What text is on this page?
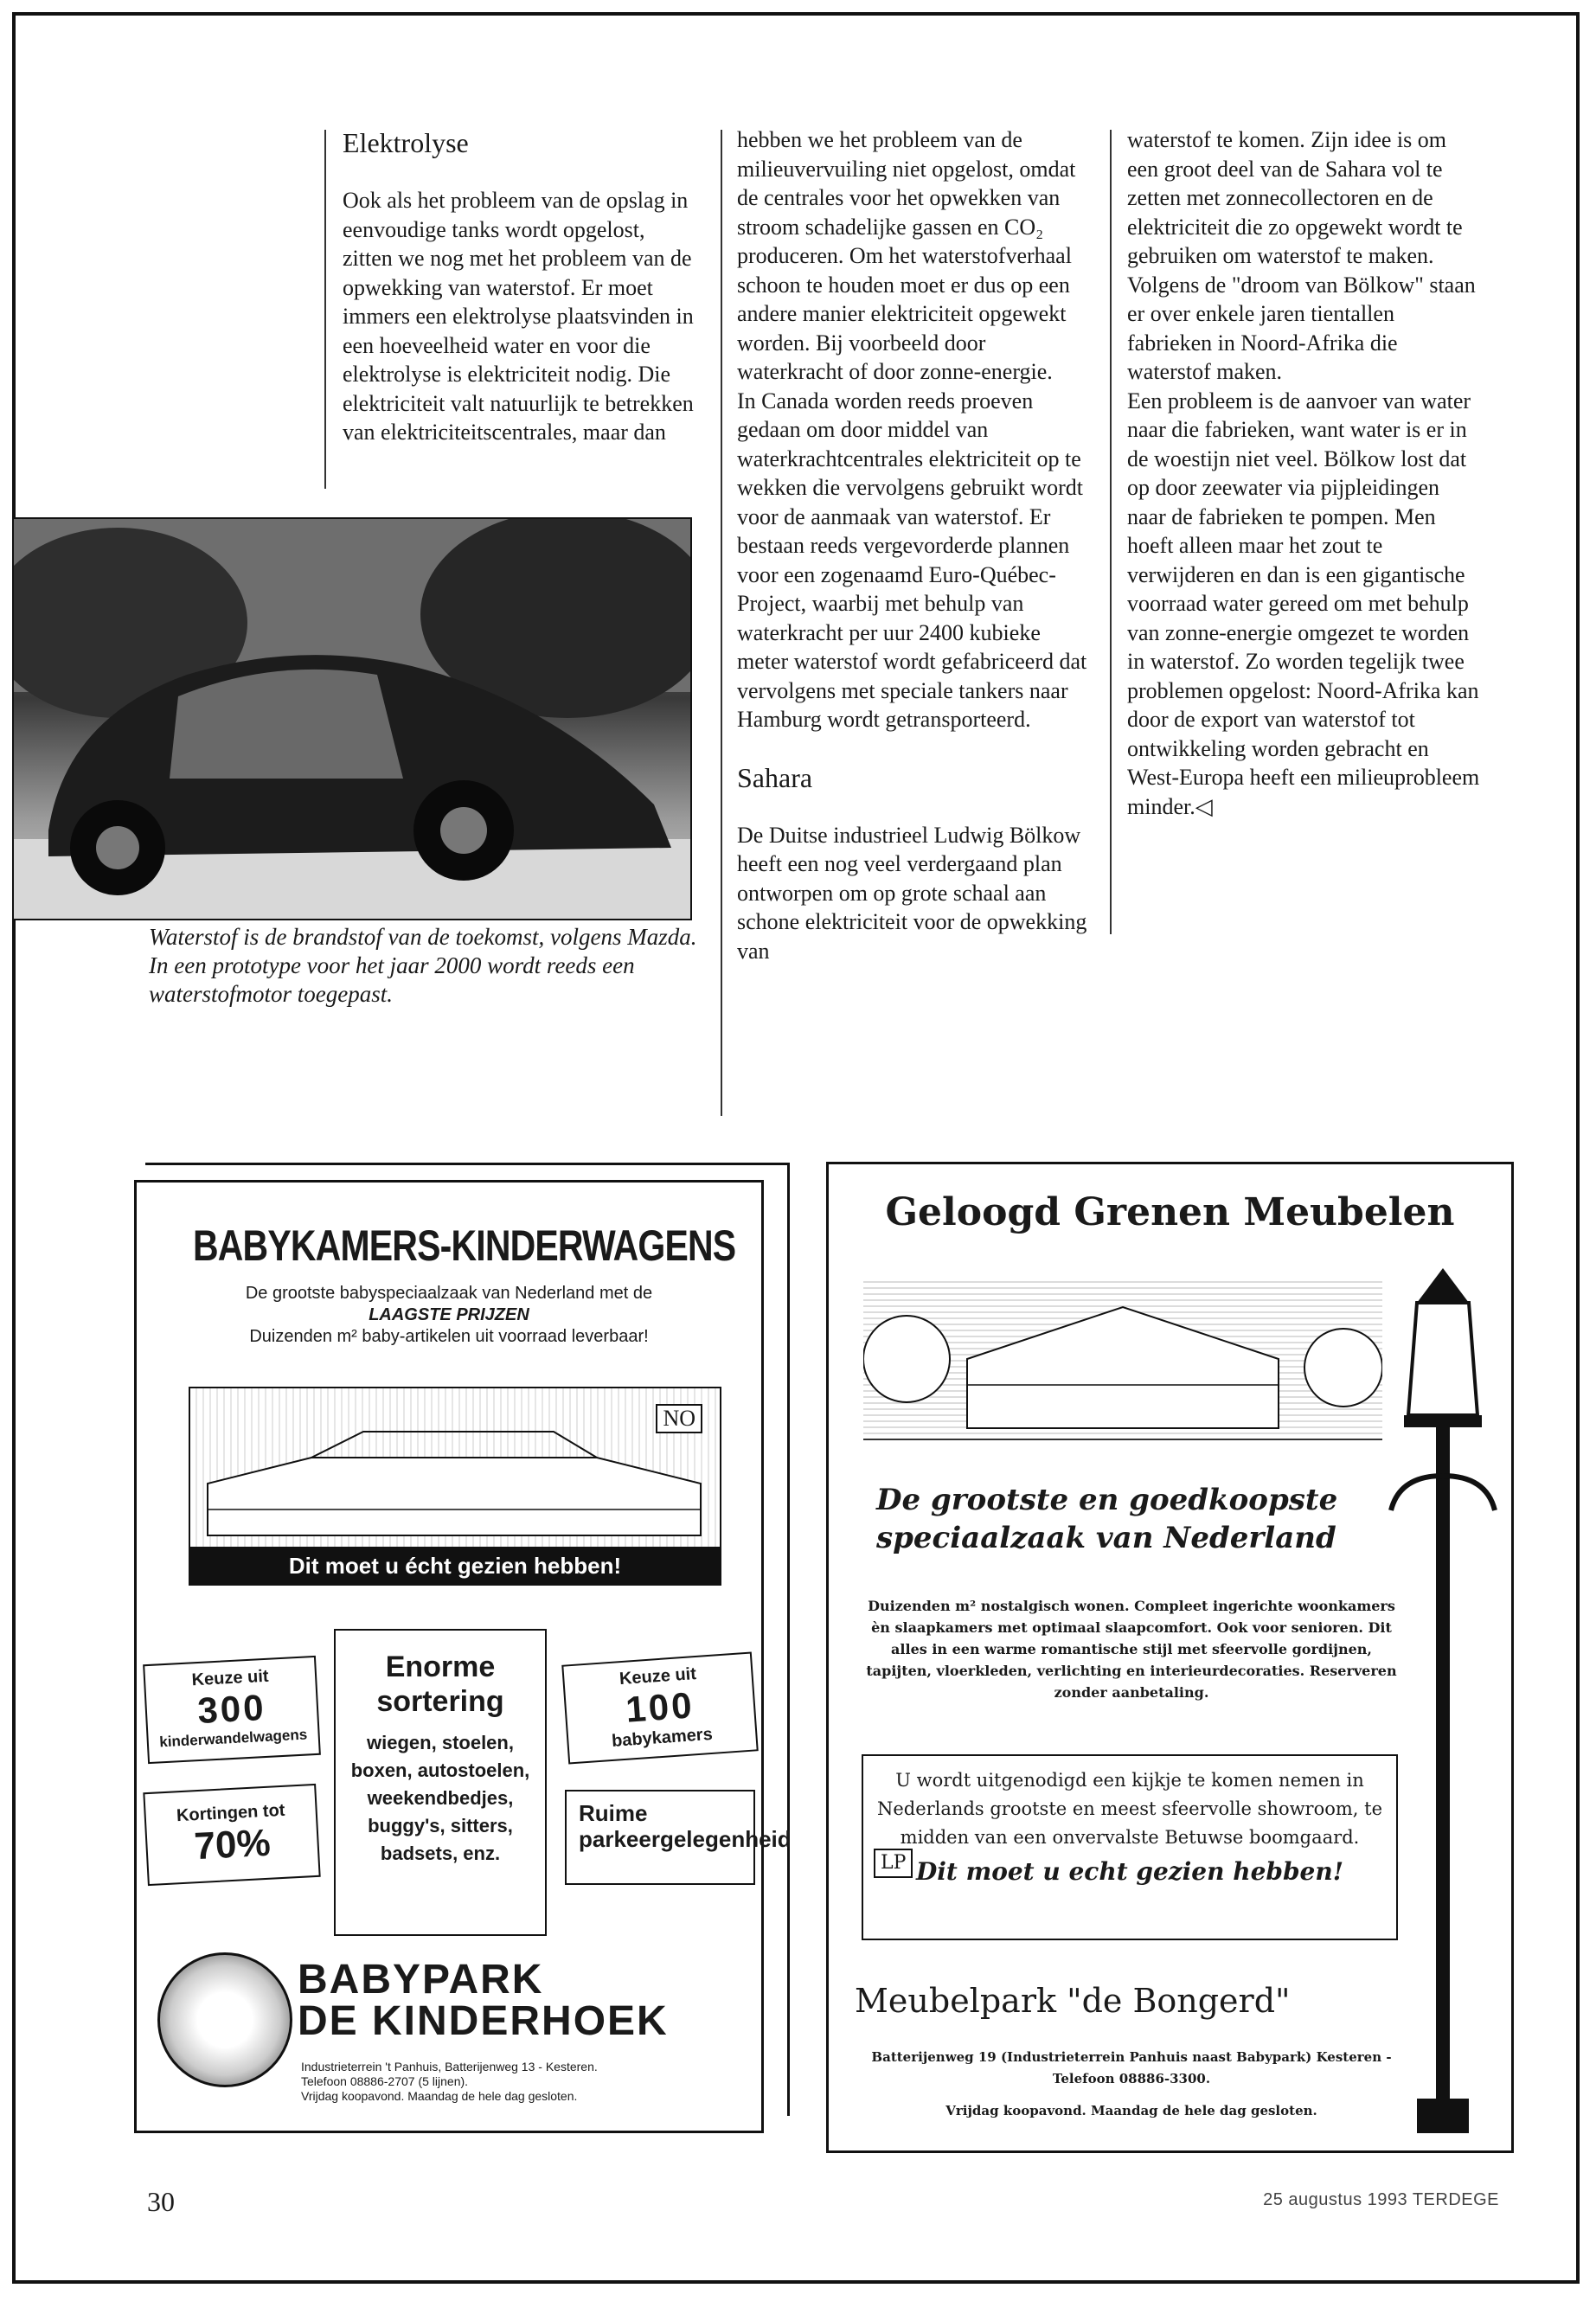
Elektrolyse

Ook als het probleem van de opslag in eenvoudige tanks wordt opgelost, zitten we nog met het probleem van de opwekking van waterstof. Er moet immers een elektrolyse plaatsvinden in een hoeveelheid water en voor die elektrolyse is elektriciteit nodig. Die elektriciteit valt natuurlijk te betrekken van elektriciteitscentrales, maar dan

Waterstof is de brandstof van de toekomst, volgens Mazda. In een prototype voor het jaar 2000 wordt reeds een waterstofmotor toegepast.

hebben we het probleem van de milieuvervuiling niet opgelost, omdat de centrales voor het opwekken van stroom schadelijke gassen en CO₂ produceren. Om het waterstofverhaal schoon te houden moet er dus op een andere manier elektriciteit opgewekt worden. Bij voorbeeld door waterkracht of door zonne-energie.

In Canada worden reeds proeven gedaan om door middel van waterkrachtcentrales elektriciteit op te wekken die vervolgens gebruikt wordt voor de aanmaak van waterstof. Er bestaan reeds vergevorderde plannen voor een zogenaamd Euro-Québec-Project, waarbij met behulp van waterkracht per uur 2400 kubieke meter waterstof wordt gefabriceerd dat vervolgens met speciale tankers naar Hamburg wordt getransporteerd.

Sahara

De Duitse industrieel Ludwig Bölkow heeft een nog veel verdergaand plan ontworpen om op grote schaal aan schone elektriciteit voor de opwekking van

waterstof te komen. Zijn idee is om een groot deel van de Sahara vol te zetten met zonnecollectoren en de elektriciteit die zo opgewekt wordt te gebruiken om waterstof te maken. Volgens de "droom van Bölkow" staan er over enkele jaren tientallen fabrieken in Noord-Afrika die waterstof maken.

Een probleem is de aanvoer van water naar die fabrieken, want water is er in de woestijn niet veel. Bölkow lost dat op door zeewater via pijpleidingen naar de fabrieken te pompen. Men hoeft alleen maar het zout te verwijderen en dan is een gigantische voorraad water gereed om met behulp van zonne-energie omgezet te worden in waterstof. Zo worden tegelijk twee problemen opgelost: Noord-Afrika kan door de export van waterstof tot ontwikkeling worden gebracht en West-Europa heeft een milieuprobleem minder.◁

BABYKAMERS-KINDERWAGENS
De grootste babyspeciaalzaak van Nederland met de
LAAGSTE PRIJZEN
Duizenden m² baby-artikelen uit voorraad leverbaar!
NO
Dit moet u écht gezien hebben!
Keuze uit
300
kinderwandelwagens
Kortingen tot
70%
Enorme sortering
wiegen, stoelen, boxen, autostoelen, weekendbedjes, buggy's, sitters, badsets, enz.
Keuze uit
100
babykamers
Ruime parkeergelegenheid
BABYPARK
DE KINDERHOEK
Industrieterrein 't Panhuis, Batterijenweg 13 - Kesteren.
Telefoon 08886-2707 (5 lijnen).
Vrijdag koopavond. Maandag de hele dag gesloten.
Geloogd Grenen Meubelen
De grootste en goedkoopste
speciaalzaak van Nederland
Duizenden m² nostalgisch wonen. Compleet ingerichte woonkamers èn slaapkamers met optimaal slaapcomfort. Ook voor senioren. Dit alles in een warme romantische stijl met sfeervolle gordijnen, tapijten, vloerkleden, verlichting en interieurdecoraties. Reserveren zonder aanbetaling.
U wordt uitgenodigd een kijkje te komen nemen in Nederlands grootste en meest sfeervolle showroom, te midden van een onvervalste Betuwse boomgaard.
Dit moet u echt gezien hebben!
LP
Meubelpark "de Bongerd"
Batterijenweg 19 (Industrieterrein Panhuis naast Babypark) Kesteren - Telefoon 08886-3300.
Vrijdag koopavond. Maandag de hele dag gesloten.
30	25 augustus 1993 TERDEGE
